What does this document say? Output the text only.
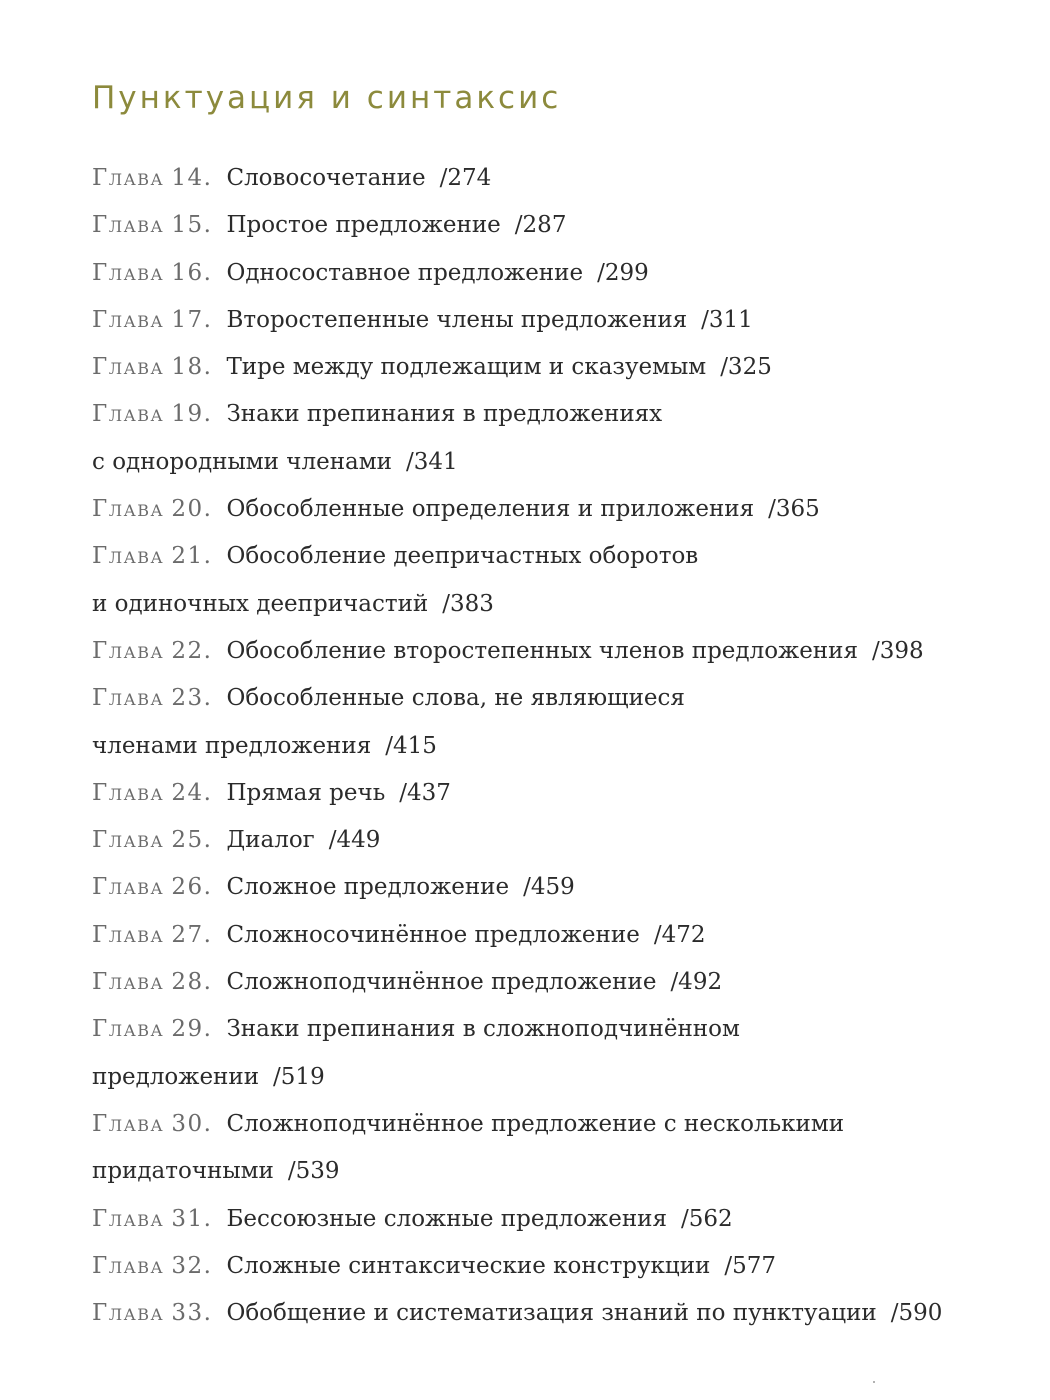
Пунктуация и синтаксис
Глава 14. Словосочетание /274
Глава 15. Простое предложение /287
Глава 16. Односоставное предложение /299
Глава 17. Второстепенные члены предложения /311
Глава 18. Тире между подлежащим и сказуемым /325
Глава 19. Знаки препинания в предложениях
с однородными членами /341
Глава 20. Обособленные определения и приложения /365
Глава 21. Обособление деепричастных оборотов
и одиночных деепричастий /383
Глава 22. Обособление второстепенных членов предложения /398
Глава 23. Обособленные слова, не являющиеся
членами предложения /415
Глава 24. Прямая речь /437
Глава 25. Диалог /449
Глава 26. Сложное предложение /459
Глава 27. Сложносочинённое предложение /472
Глава 28. Сложноподчинённое предложение /492
Глава 29. Знаки препинания в сложноподчинённом
предложении /519
Глава 30. Сложноподчинённое предложение с несколькими
придаточными /539
Глава 31. Бессоюзные сложные предложения /562
Глава 32. Сложные синтаксические конструкции /577
Глава 33. Обобщение и систематизация знаний по пунктуации /590
